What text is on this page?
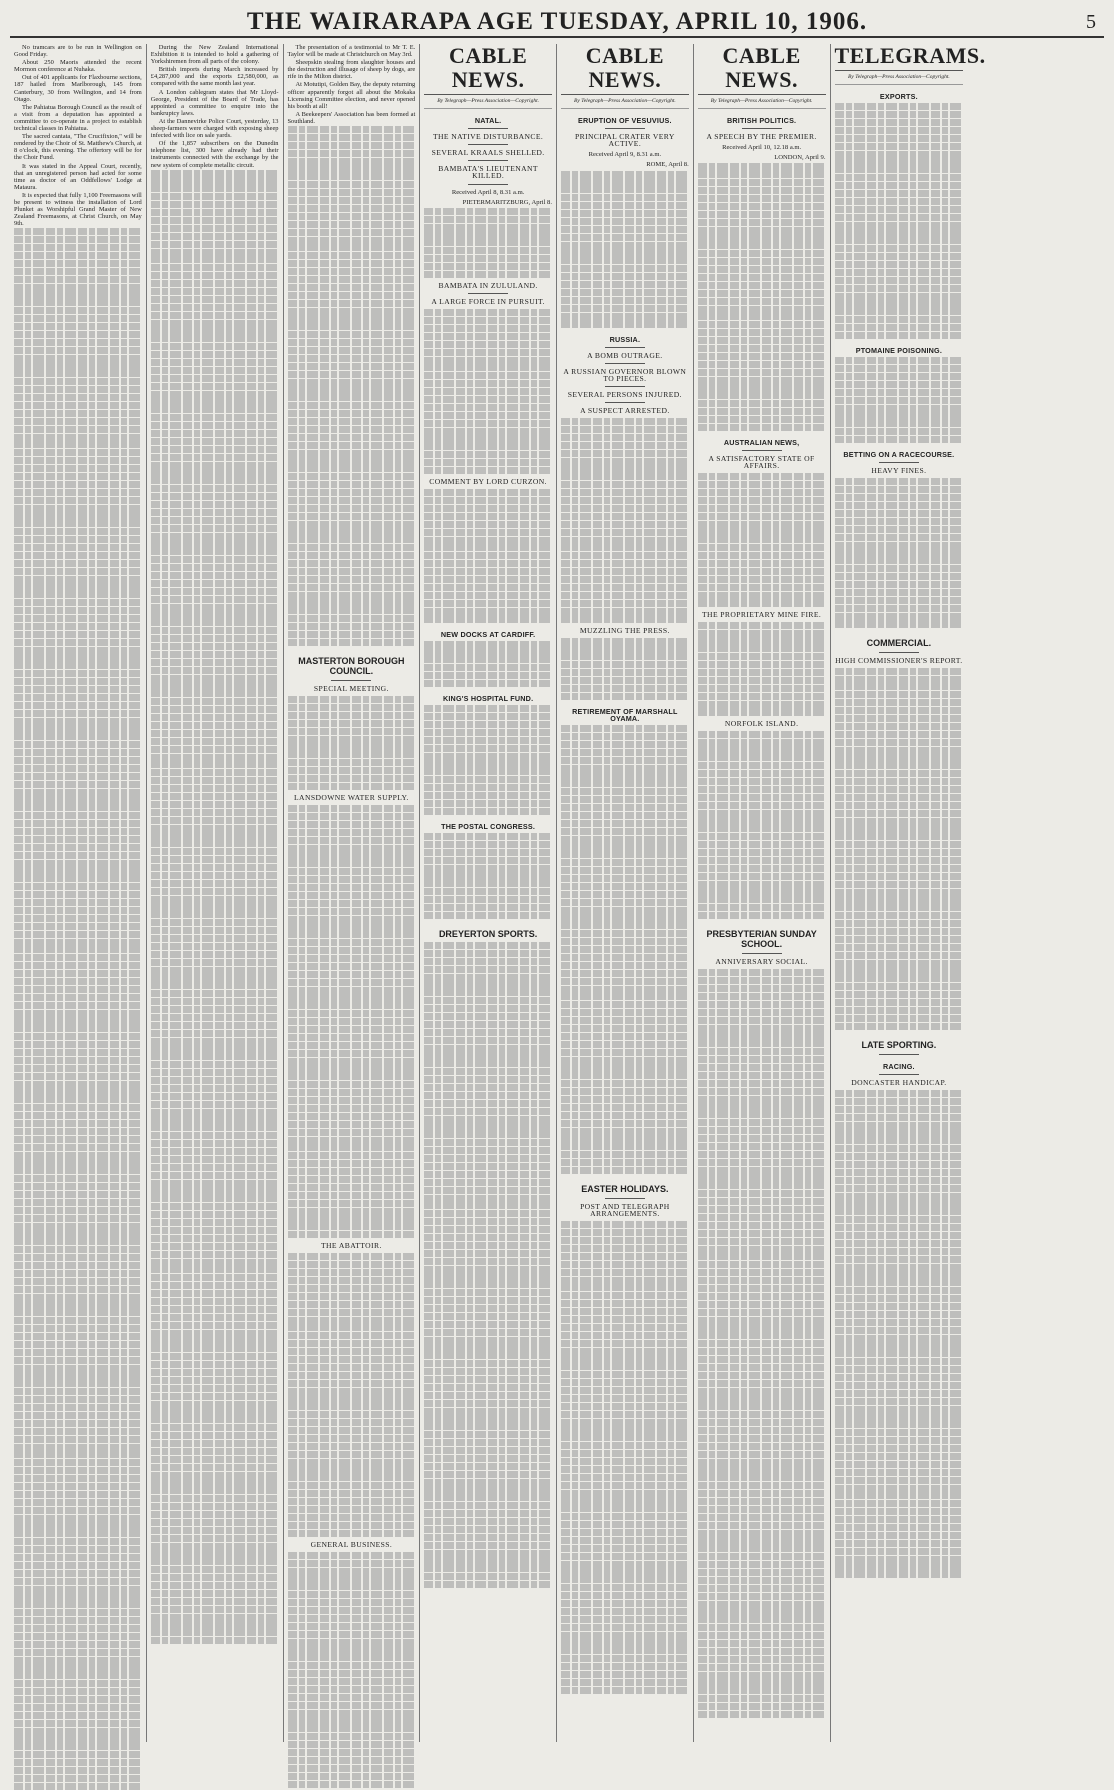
THE WAIRARAPA AGE TUESDAY, APRIL 10, 1906.	5

No tramcars are to be run in Wellington on Good Friday.

About 250 Maoris attended the recent Mormon conference at Nuhaka.

Out of 401 applicants for Flaxbourne sections, 187 hailed from Marlborough, 145 from Canterbury, 30 from Wellington, and 14 from Otago.

The Pahiatua Borough Council as the result of a visit from a deputation has appointed a committee to co-operate in a project to establish technical classes in Pahiatua.

The sacred cantata, "The Crucifixion," will be rendered by the Choir of St. Matthew's Church, at 8 o'clock, this evening. The offertory will be for the Choir Fund.

It was stated in the Appeal Court, recently, that an unregistered person had acted for some time as doctor of an Oddfellows' Lodge at Mataura.

It is expected that fully 1,100 Freemasons will be present to witness the installation of Lord Plunket as Worshipful Grand Master of New Zealand Freemasons, at Christ Church, on May 9th.

During the New Zealand International Exhibition it is intended to hold a gathering of Yorkshiremen from all parts of the colony.

British imports during March increased by £4,287,000 and the exports £2,580,000, as compared with the same month last year.

A London cablegram states that Mr Lloyd-George, President of the Board of Trade, has appointed a committee to enquire into the bankruptcy laws.

At the Dannevirke Police Court, yesterday, 13 sheep-farmers were charged with exposing sheep infected with lice on sale yards.

Of the 1,857 subscribers on the Dunedin telephone list, 300 have already had their instruments connected with the exchange by the new system of complete metallic circuit.

The presentation of a testimonial to Mr T. E. Taylor will be made at Christchurch on May 3rd.

Sheepskin stealing from slaughter houses and the destruction and illusage of sheep by dogs, are rife in the Milton district.

At Motutipi, Golden Bay, the deputy returning officer apparently forgot all about the Mokaka Licensing Committee election, and never opened his booth at all!

A Beekeepers' Association has been formed at Southland.

MASTERTON BOROUGH COUNCIL.
SPECIAL MEETING.
LANSDOWNE WATER SUPPLY.
THE ABATTOIR.
GENERAL BUSINESS.
CABLE NEWS.
By Telegraph—Press Association—Copyright.
NATAL.
THE NATIVE DISTURBANCE.
SEVERAL KRAALS SHELLED.
BAMBATA'S LIEUTENANT KILLED.
Received April 8, 8.31 a.m.
PIETERMARITZBURG, April 8.
BAMBATA IN ZULULAND.
A LARGE FORCE IN PURSUIT.
COMMENT BY LORD CURZON.
NEW DOCKS AT CARDIFF.
KING'S HOSPITAL FUND.
THE POSTAL CONGRESS.
DREYERTON SPORTS.
CABLE NEWS.
By Telegraph—Press Association—Copyright.
ERUPTION OF VESUVIUS.
PRINCIPAL CRATER VERY ACTIVE.
Received April 9, 8.31 a.m.
ROME, April 8.
RUSSIA.
A BOMB OUTRAGE.
A RUSSIAN GOVERNOR BLOWN TO PIECES.
SEVERAL PERSONS INJURED.
A SUSPECT ARRESTED.
MUZZLING THE PRESS.
RETIREMENT OF MARSHALL OYAMA.
EASTER HOLIDAYS.
POST AND TELEGRAPH ARRANGEMENTS.
CABLE NEWS.
By Telegraph—Press Association—Copyright.
BRITISH POLITICS.
A SPEECH BY THE PREMIER.
Received April 10, 12.18 a.m.
LONDON, April 9.
AUSTRALIAN NEWS,
A SATISFACTORY STATE OF AFFAIRS.
THE PROPRIETARY MINE FIRE.
NORFOLK ISLAND.
PRESBYTERIAN SUNDAY SCHOOL.
ANNIVERSARY SOCIAL.
TELEGRAMS.
By Telegraph—Press Association—Copyright.
EXPORTS.
PTOMAINE POISONING.
BETTING ON A RACECOURSE.
HEAVY FINES.
COMMERCIAL.
HIGH COMMISSIONER'S REPORT.
LATE SPORTING.
RACING.
DONCASTER HANDICAP.
